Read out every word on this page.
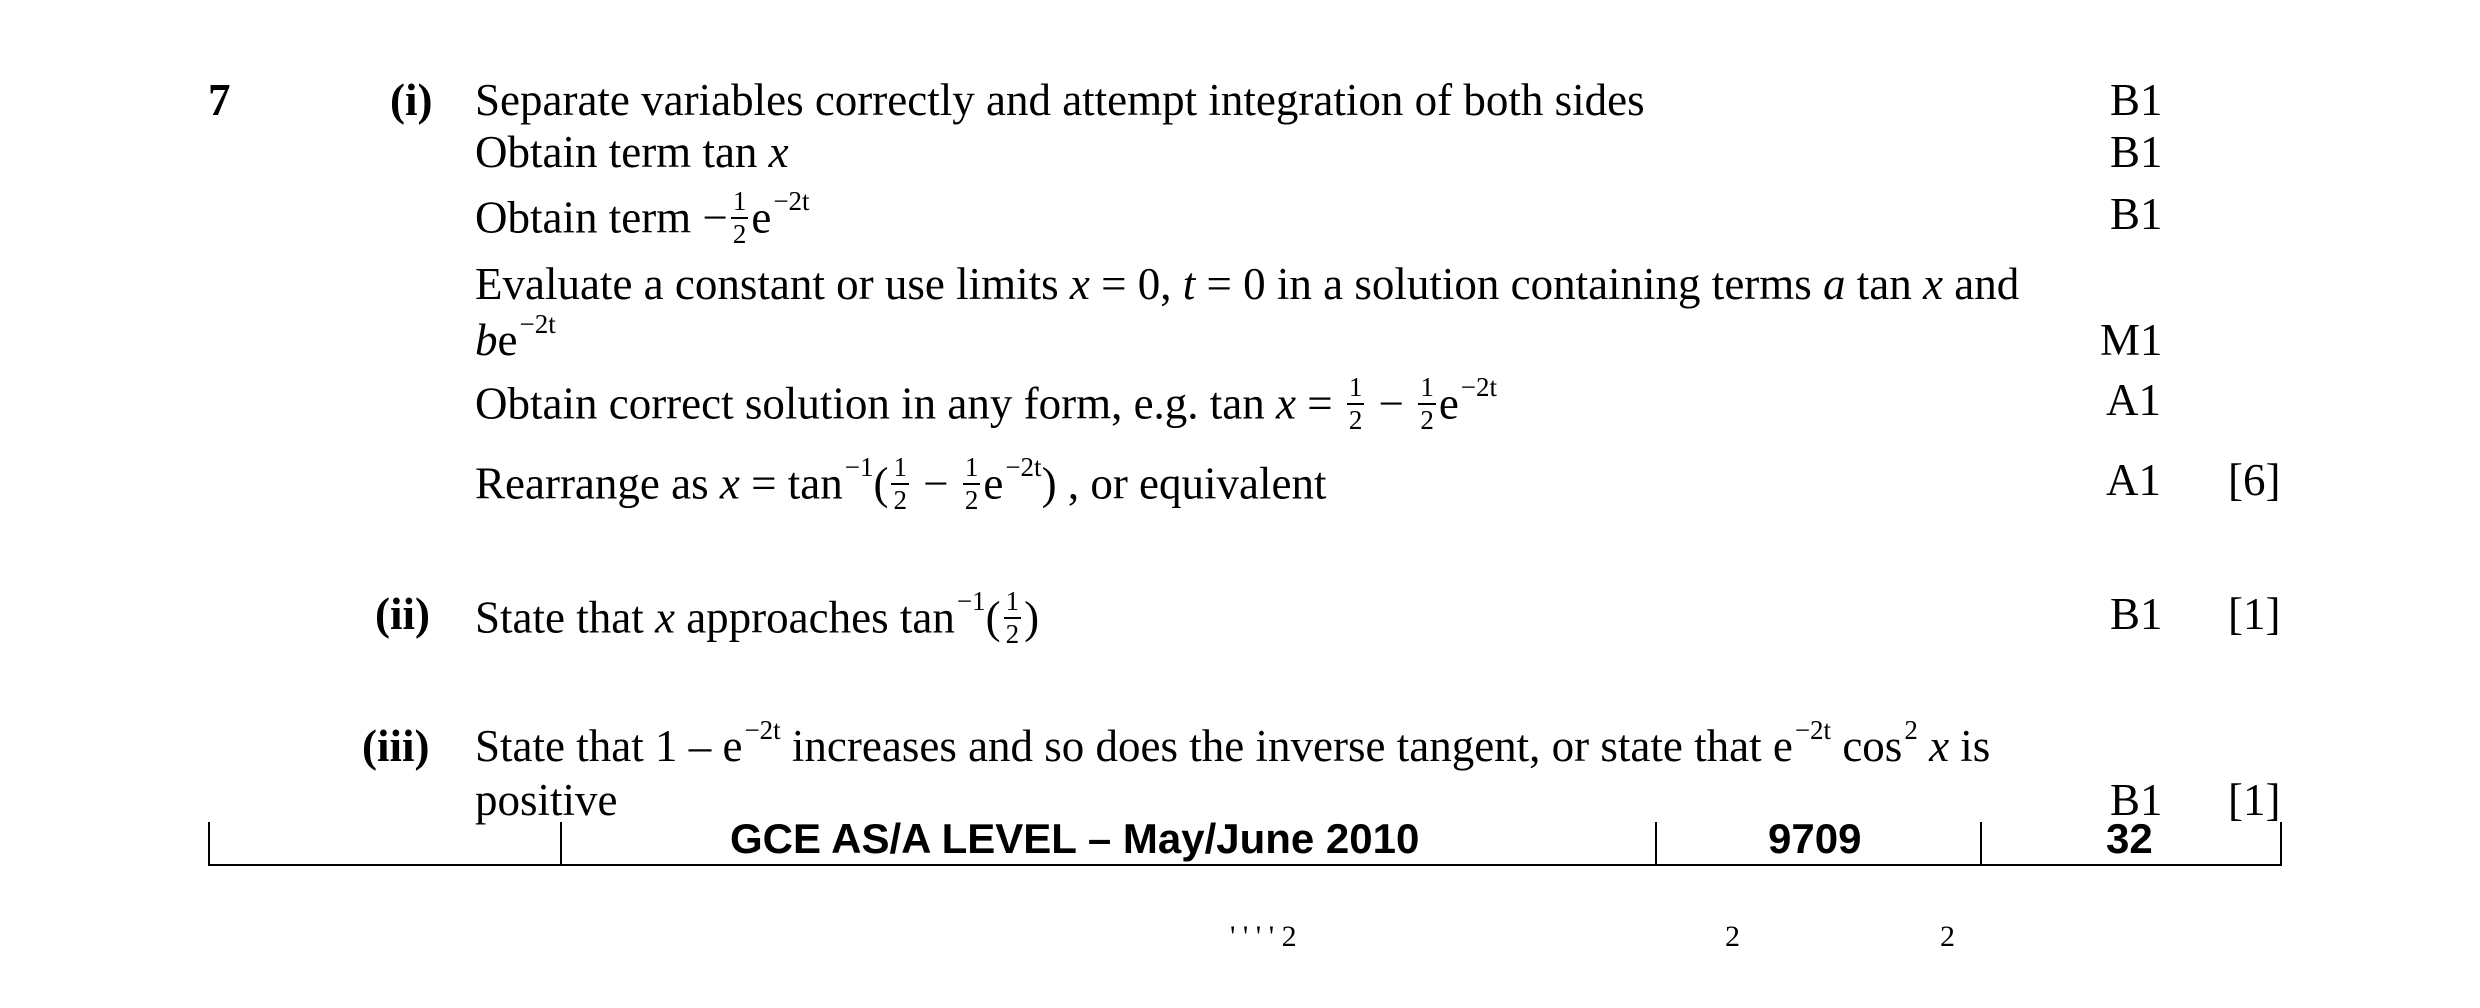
7	(i) Separate variables correctly and attempt integration of both sides	B1
Obtain term tan x	B1
Obtain term − $\frac{1}{2} e^{-2t}$	B1
Evaluate a constant or use limits x = 0, t = 0 in a solution containing terms a tan x and
$be^{-2t}$	M1
Obtain correct solution in any form, e.g. $\tan x = \frac{1}{2} - \frac{1}{2} e^{-2t}$	A1
Rearrange as $x = \tan^{-1}( \frac{1}{2} - \frac{1}{2} e^{-2t})$ , or equivalent	A1 [6]
(ii) State that x approaches $\tan^{-1}( \frac{1}{2}$ )	B1 [1]
(iii) State that $1 - e^{-2t}$ increases and so does the inverse tangent, or state that $e^{-2t}$ $\cos^2 x$ is
positive	B1 [1]
GCE AS/A LEVEL – May/June 2010	9709	32
' ' ' ' 2	2	2
